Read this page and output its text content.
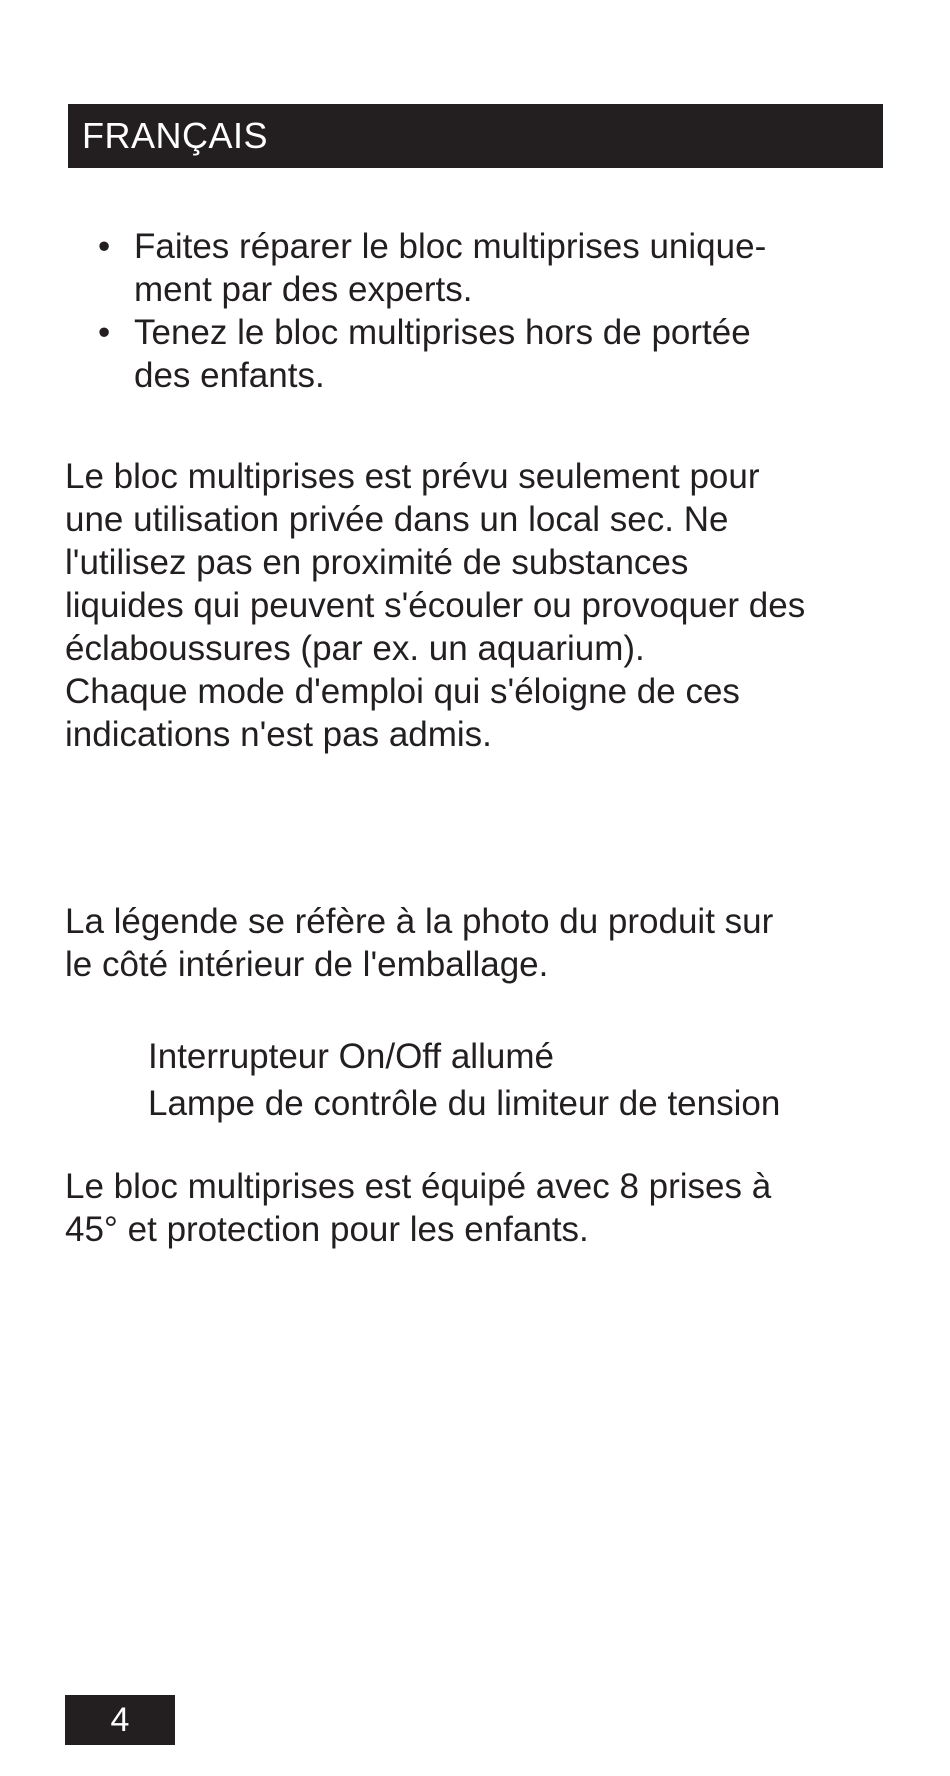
FRANÇAIS
• Faites réparer le bloc multiprises unique-
ment par des experts.
• Tenez le bloc multiprises hors de portée
des enfants.

Le bloc multiprises est prévu seulement pour
une utilisation privée dans un local sec. Ne
l'utilisez pas en proximité de substances
liquides qui peuvent s'écouler ou provoquer des
éclaboussures (par ex. un aquarium).
Chaque mode d'emploi qui s'éloigne de ces
indications n'est pas admis.

La légende se réfère à la photo du produit sur
le côté intérieur de l'emballage.

Interrupteur On/Off allumé
Lampe de contrôle du limiteur de tension

Le bloc multiprises est équipé avec 8 prises à
45° et protection pour les enfants.

4
